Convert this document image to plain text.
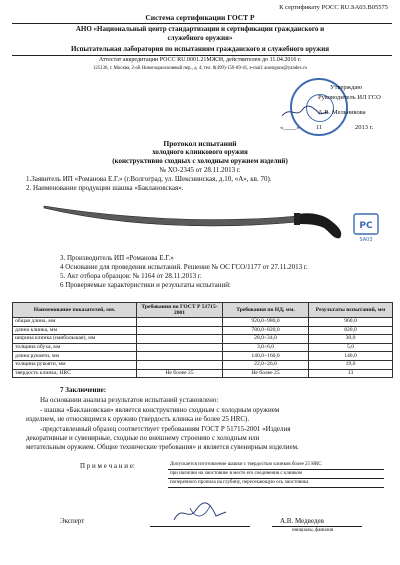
К сертификату РОСС RU.SA03.B05575
Система сертификации ГОСТ Р
АНО «Национальный центр стандартизации и сертификации гражданского и
служебного оружия»
Испытательная лаборатория по испытаниям гражданского и служебного оружия
Аттестат аккредитации РОСС RU.0001.21МЖ38, действителен до 11.04.2016 г.
125130, г. Москва, 2-ой Новоподмосковный пер., д. 4, тел. 8(499)-159-09-41, e-mail: anostguns@yandex.ru
Утверждаю
Руководитель ИЛ ГСО
А.В. Мельникова
«____»	11	2013 г.
Протокол испытаний
холодного клинкового оружия
(конструктивно сходных с холодным оружием изделий)
№ ХО-2345 от 28.11.2013 г.
1.Заявитель ИП «Романова Е.Г.» (г.Волгоград, ул. Шекснинская, д.10, «А», кв. 70).
2. Наименование продукции шашка «Баклановская».
PC
SA03
3. Производитель ИП «Романова Е.Г.»
4 Основание для проведения испытаний. Решение № ОС ГСО/1177 от 27.11.2013 г.
5. Акт отбора образцов: № 1164 от 28.11.2013 г.
6 Проверяемые характеристики и результаты испытаний:
Наименование показателей, мм.	Требования по ГОСТ Р 51715-2001	Требования по НД, мм.	Результаты испытаний, мм
общая длина, мм		920,0÷980,0	960,0
длина клинка, мм		780,0÷820,0	820,0
ширина клинка (наибольшая), мм		28,0÷34,0	30,0
толщина обуха, мм		3,0÷6,0	5,0
длина рукояти, мм		140,0÷160,0	140,0
толщина рукояти, мм		22,0÷26,0	19,0
твердость клинка, HRC	Не более 25	Не более 25	13
7 Заключение:
На основании анализа результатов испытаний установлено:
- шашка «Баклановская» является конструктивно сходным с холодным оружием
изделием, не относящимся к оружию (твердость клинка не более 25 HRC).
-представленный образец соответствует требованиям ГОСТ Р 51715-2001 «Изделия
декоративные и сувенирные, сходные по внешнему строению с холодным или
метательным оружием. Общие технические требования» и является сувенирным изделием.
П р и м е ч а н и е:	Допускается изготовление шашки с твердостью клинков более 25 HRC
при наличии на хвостовике в месте его соединения с клинком
поперечного пропила на глубину, пересекающую ось хвостовика
Эксперт	А.В. Медведев
инициалы, фамилия
